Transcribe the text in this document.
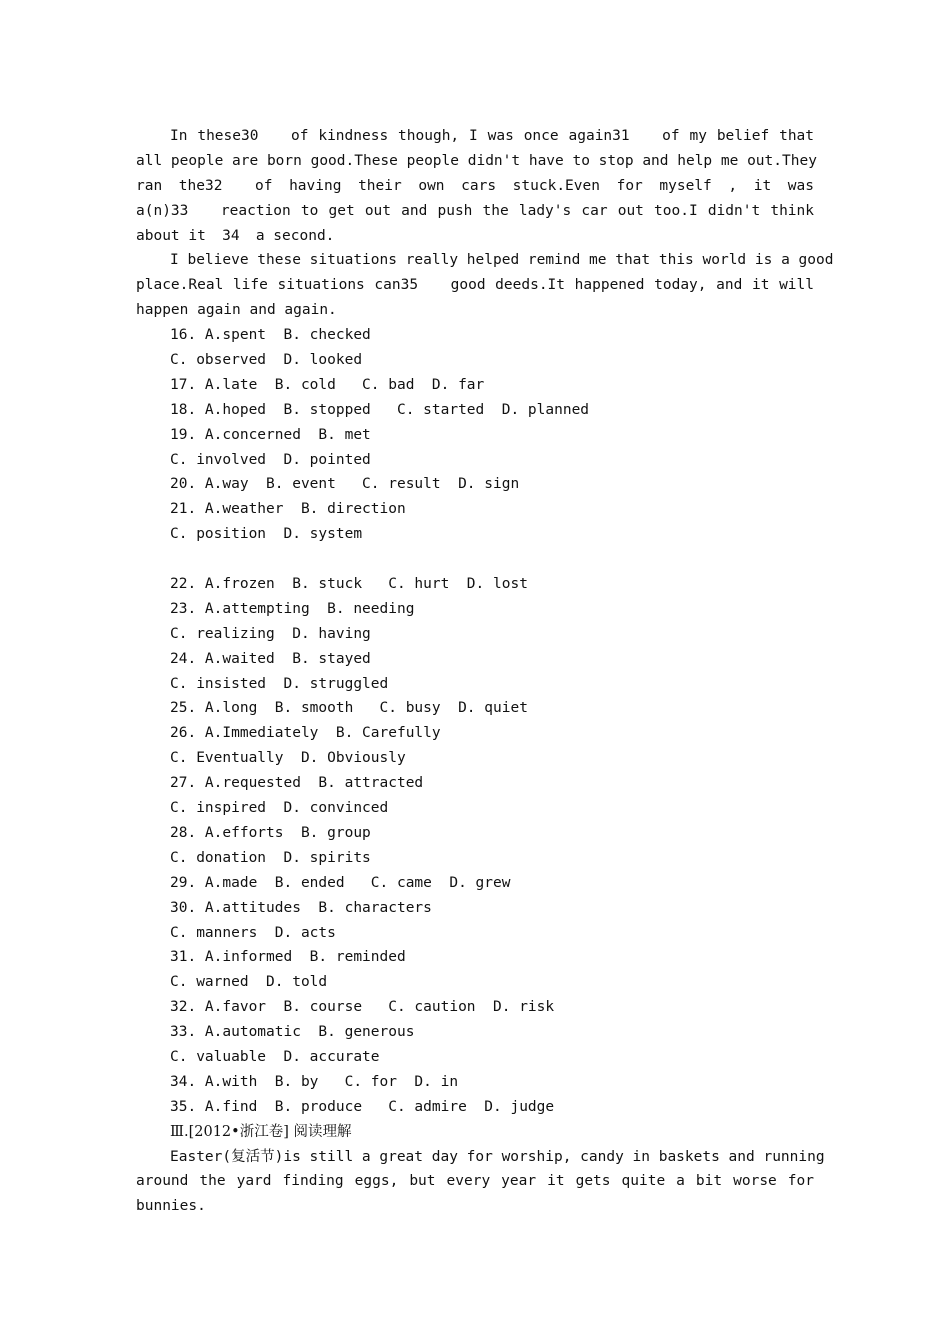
In these30 of kindness though, I was once again31 of my belief that
all people are born good.These people didn't have to stop and help me out.They
ran the32 of having their own cars stuck.Even for myself , it was
a(n)33 reaction to get out and push the lady's car out too.I didn't think
about it 34 a second.
I believe these situations really helped remind me that this world is a good
place.Real life situations can35 good deeds.It happened today, and it will
happen again and again.
16. A.spent  B. checked
C. observed  D. looked
17. A.late  B. cold   C. bad  D. far
18. A.hoped  B. stopped   C. started  D. planned
19. A.concerned  B. met
C. involved  D. pointed
20. A.way  B. event   C. result  D. sign
21. A.weather  B. direction
C. position  D. system
22. A.frozen  B. stuck   C. hurt  D. lost
23. A.attempting  B. needing
C. realizing  D. having
24. A.waited  B. stayed
C. insisted  D. struggled
25. A.long  B. smooth   C. busy  D. quiet
26. A.Immediately  B. Carefully
C. Eventually  D. Obviously
27. A.requested  B. attracted
C. inspired  D. convinced
28. A.efforts  B. group
C. donation  D. spirits
29. A.made  B. ended   C. came  D. grew
30. A.attitudes  B. characters
C. manners  D. acts
31. A.informed  B. reminded
C. warned  D. told
32. A.favor  B. course   C. caution  D. risk
33. A.automatic  B. generous
C. valuable  D. accurate
34. A.with  B. by   C. for  D. in
35. A.find  B. produce   C. admire  D. judge
Ⅲ.[2012•浙江卷] 阅读理解
Easter(复活节)is still a great day for worship, candy in baskets and running
around the yard finding eggs, but every year it gets quite a bit worse for
bunnies.
